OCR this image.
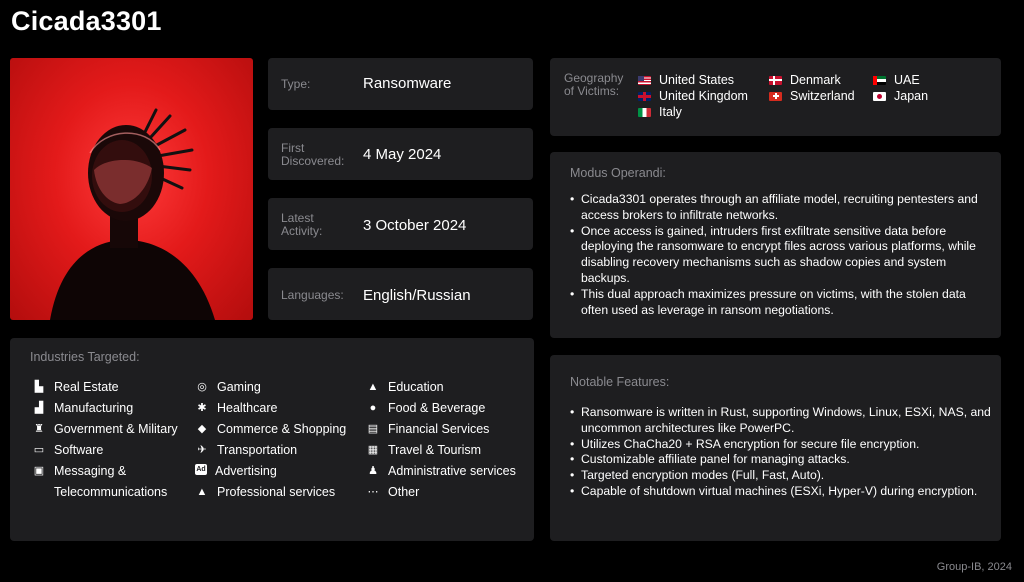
Cicada3301
Type:	Ransomware
First
Discovered: 4 May 2024
Latest
Activity:	3 October 2024
Languages: English/Russian
Geography
of Victims:
United States
United Kingdom
Italy
Denmark
Switzerland
UAE
Japan
Modus Operandi:
• Cicada3301 operates through an affiliate model, recruiting pentesters and access brokers to infiltrate networks.
• Once access is gained, intruders first exfiltrate sensitive data before deploying the ransomware to encrypt files across various platforms, while disabling recovery mechanisms such as shadow copies and system backups.
• This dual approach maximizes pressure on victims, with the stolen data often used as leverage in ransom negotiations.
Industries Targeted:
▙ Real Estate
▟ Manufacturing
♜ Government & Military
▭ Software
▣ Messaging &
Telecommunications
◎ Gaming
✱ Healthcare
◆ Commerce & Shopping
✈ Transportation
Ad Advertising
▲ Professional services
▲ Education
● Food & Beverage
▤ Financial Services
▦ Travel & Tourism
♟ Administrative services
⋯ Other
Notable Features:
• Ransomware is written in Rust, supporting Windows, Linux, ESXi, NAS, and uncommon architectures like PowerPC.
• Utilizes ChaCha20 + RSA encryption for secure file encryption.
• Customizable affiliate panel for managing attacks.
• Targeted encryption modes (Full, Fast, Auto).
• Capable of shutdown virtual machines (ESXi, Hyper-V) during encryption.
Group-IB, 2024
